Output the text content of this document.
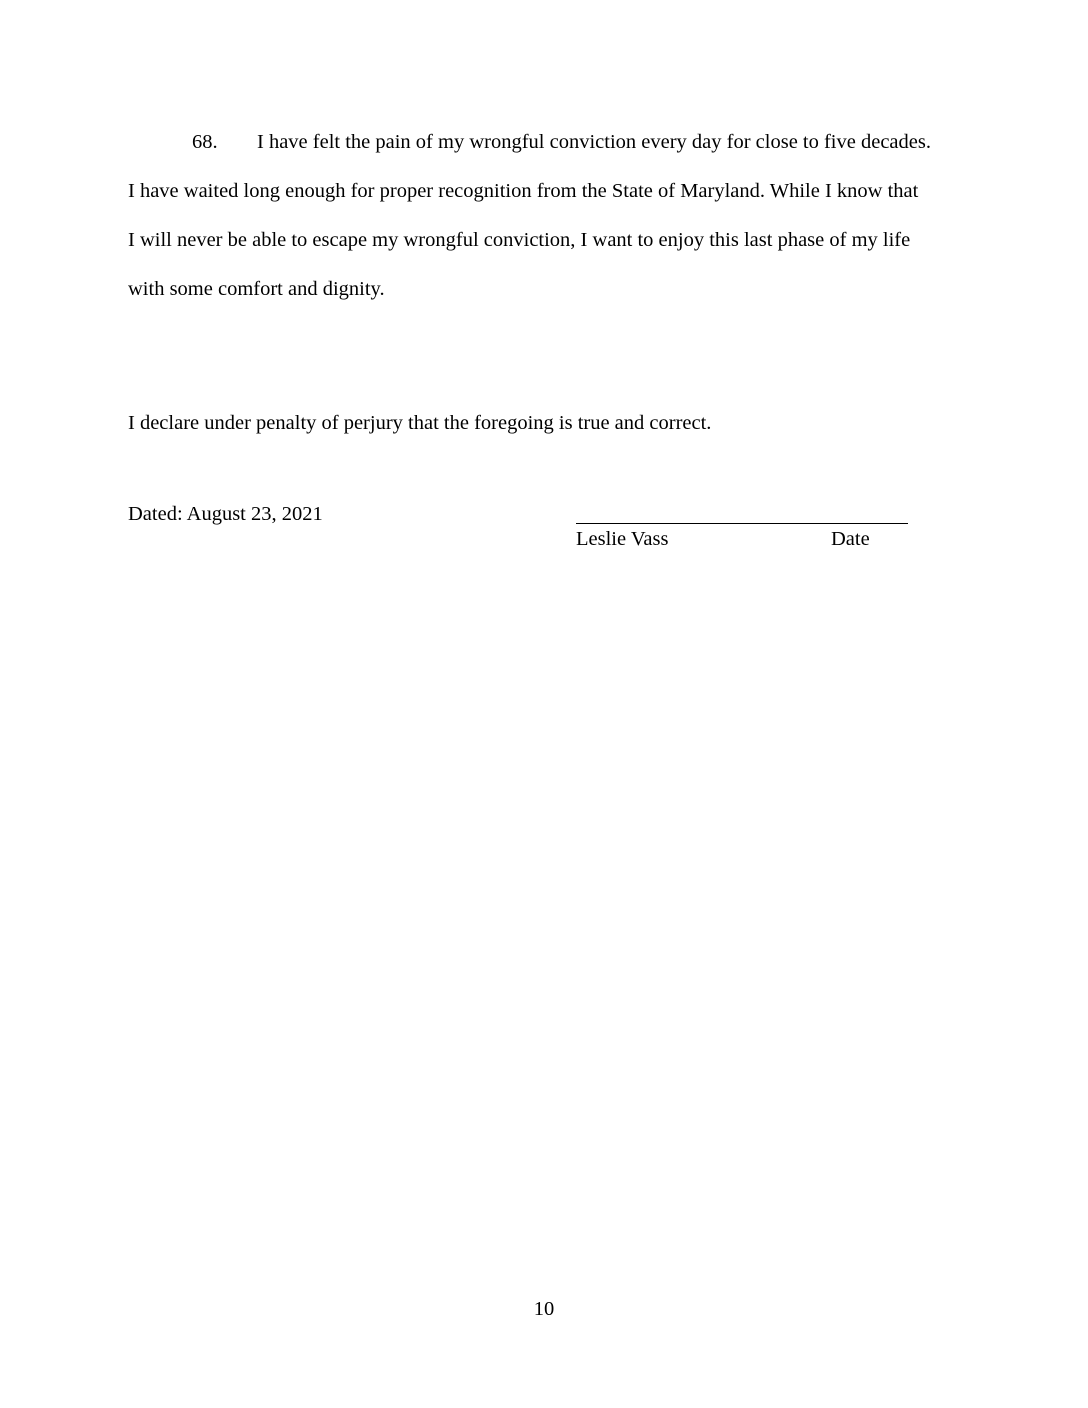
68. I have felt the pain of my wrongful conviction every day for close to five decades.
I have waited long enough for proper recognition from the State of Maryland. While I know that
I will never be able to escape my wrongful conviction, I want to enjoy this last phase of my life
with some comfort and dignity.
I declare under penalty of perjury that the foregoing is true and correct.
Dated: August 23, 2021
Leslie Vass	Date
10
